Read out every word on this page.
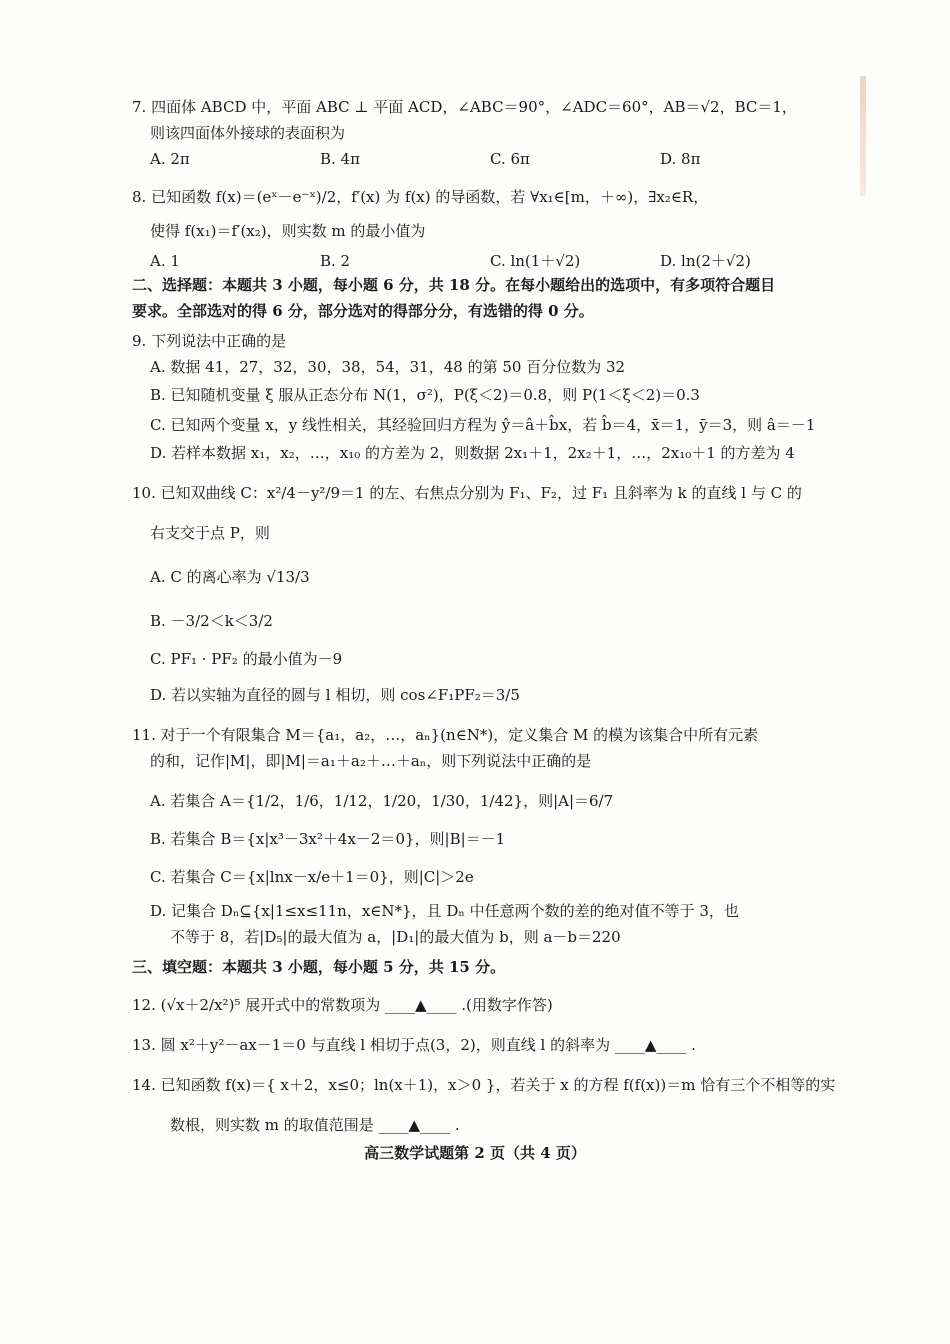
7. 四面体 ABCD 中，平面 ABC ⊥ 平面 ACD，∠ABC＝90°，∠ADC＝60°，AB＝√2，BC＝1，
则该四面体外接球的表面积为
A. 2π	B. 4π	C. 6π	D. 8π
8. 已知函数 f(x)＝(eˣ－e⁻ˣ)/2，f′(x) 为 f(x) 的导函数，若 ∀x₁∈[m，＋∞)，∃x₂∈R，
使得 f(x₁)＝f′(x₂)，则实数 m 的最小值为
A. 1	B. 2	C. ln(1＋√2)	D. ln(2＋√2)
二、选择题：本题共 3 小题，每小题 6 分，共 18 分。在每小题给出的选项中，有多项符合题目
要求。全部选对的得 6 分，部分选对的得部分分，有选错的得 0 分。
9. 下列说法中正确的是
A. 数据 41，27，32，30，38，54，31，48 的第 50 百分位数为 32
B. 已知随机变量 ξ 服从正态分布 N(1，σ²)，P(ξ＜2)＝0.8，则 P(1＜ξ＜2)＝0.3
C. 已知两个变量 x，y 线性相关，其经验回归方程为 ŷ＝â＋b̂x，若 b̂＝4，x̄＝1，ȳ＝3，则 â＝－1
D. 若样本数据 x₁，x₂，…，x₁₀ 的方差为 2，则数据 2x₁＋1，2x₂＋1，…，2x₁₀＋1 的方差为 4
10. 已知双曲线 C：x²/4－y²/9＝1 的左、右焦点分别为 F₁、F₂，过 F₁ 且斜率为 k 的直线 l 与 C 的
右支交于点 P，则
A. C 的离心率为 √13/3
B. －3/2＜k＜3/2
C. PF₁ · PF₂ 的最小值为－9
D. 若以实轴为直径的圆与 l 相切，则 cos∠F₁PF₂＝3/5
11. 对于一个有限集合 M＝{a₁，a₂，…，aₙ}(n∈N*)，定义集合 M 的模为该集合中所有元素
的和，记作|M|，即|M|＝a₁＋a₂＋…＋aₙ，则下列说法中正确的是
A. 若集合 A＝{1/2，1/6，1/12，1/20，1/30，1/42}，则|A|＝6/7
B. 若集合 B＝{x|x³－3x²＋4x－2＝0}，则|B|＝－1
C. 若集合 C＝{x|lnx－x/e＋1＝0}，则|C|＞2e
D. 记集合 Dₙ⊆{x|1≤x≤11n，x∈N*}，且 Dₙ 中任意两个数的差的绝对值不等于 3，也
不等于 8，若|D₅|的最大值为 a，|D₁|的最大值为 b，则 a－b＝220
三、填空题：本题共 3 小题，每小题 5 分，共 15 分。
12. (√x＋2/x²)⁵ 展开式中的常数项为 ____▲____ .(用数字作答)
13. 圆 x²＋y²－ax－1＝0 与直线 l 相切于点(3，2)，则直线 l 的斜率为 ____▲____ .
14. 已知函数 f(x)＝{ x＋2，x≤0；ln(x＋1)，x＞0 }，若关于 x 的方程 f(f(x))＝m 恰有三个不相等的实
数根，则实数 m 的取值范围是 ____▲____ .
高三数学试题第 2 页（共 4 页）
